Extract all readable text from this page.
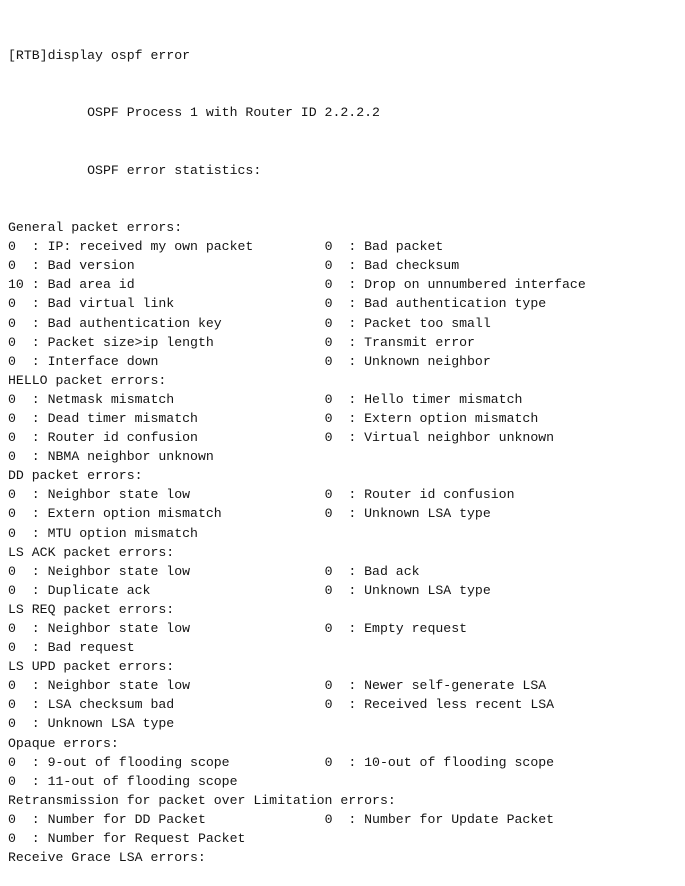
[RTB]display ospf error

OSPF Process 1 with Router ID 2.2.2.2

OSPF error statistics:

General packet errors:
0  : IP: received my own packet         0  : Bad packet
0  : Bad version                        0  : Bad checksum
10 : Bad area id                        0  : Drop on unnumbered interface
0  : Bad virtual link                   0  : Bad authentication type
0  : Bad authentication key             0  : Packet too small
0  : Packet size>ip length              0  : Transmit error
0  : Interface down                     0  : Unknown neighbor
HELLO packet errors:
0  : Netmask mismatch                   0  : Hello timer mismatch
0  : Dead timer mismatch                0  : Extern option mismatch
0  : Router id confusion                0  : Virtual neighbor unknown
0  : NBMA neighbor unknown
DD packet errors:
0  : Neighbor state low                 0  : Router id confusion
0  : Extern option mismatch             0  : Unknown LSA type
0  : MTU option mismatch
LS ACK packet errors:
0  : Neighbor state low                 0  : Bad ack
0  : Duplicate ack                      0  : Unknown LSA type
LS REQ packet errors:
0  : Neighbor state low                 0  : Empty request
0  : Bad request
LS UPD packet errors:
0  : Neighbor state low                 0  : Newer self-generate LSA
0  : LSA checksum bad                   0  : Received less recent LSA
0  : Unknown LSA type
Opaque errors:
0  : 9-out of flooding scope            0  : 10-out of flooding scope
0  : 11-out of flooding scope
Retransmission for packet over Limitation errors:
0  : Number for DD Packet               0  : Number for Update Packet
0  : Number for Request Packet
Receive Grace LSA errors:
